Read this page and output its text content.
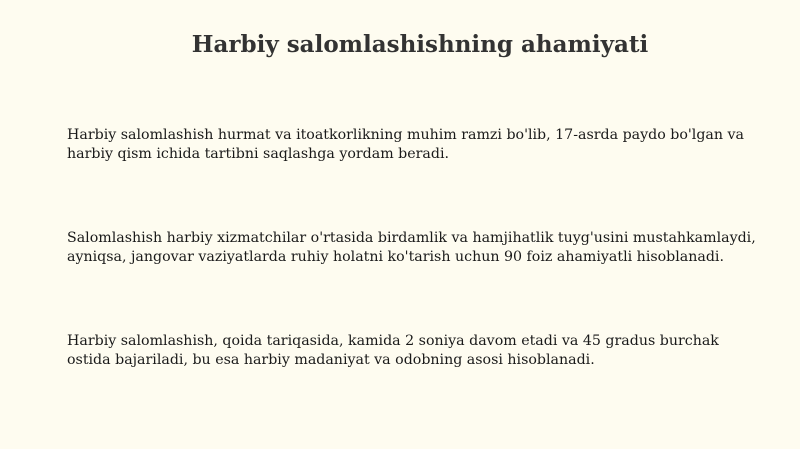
Harbiy salomlashishning ahamiyati

Harbiy salomlashish hurmat va itoatkorlikning muhim ramzi bo'lib, 17-asrda paydo bo'lgan va harbiy qism ichida tartibni saqlashga yordam beradi.

Salomlashish harbiy xizmatchilar o'rtasida birdamlik va hamjihatlik tuyg'usini mustahkamlaydi, ayniqsa, jangovar vaziyatlarda ruhiy holatni ko'tarish uchun 90 foiz ahamiyatli hisoblanadi.

Harbiy salomlashish, qoida tariqasida, kamida 2 soniya davom etadi va 45 gradus burchak ostida bajariladi, bu esa harbiy madaniyat va odobning asosi hisoblanadi.
